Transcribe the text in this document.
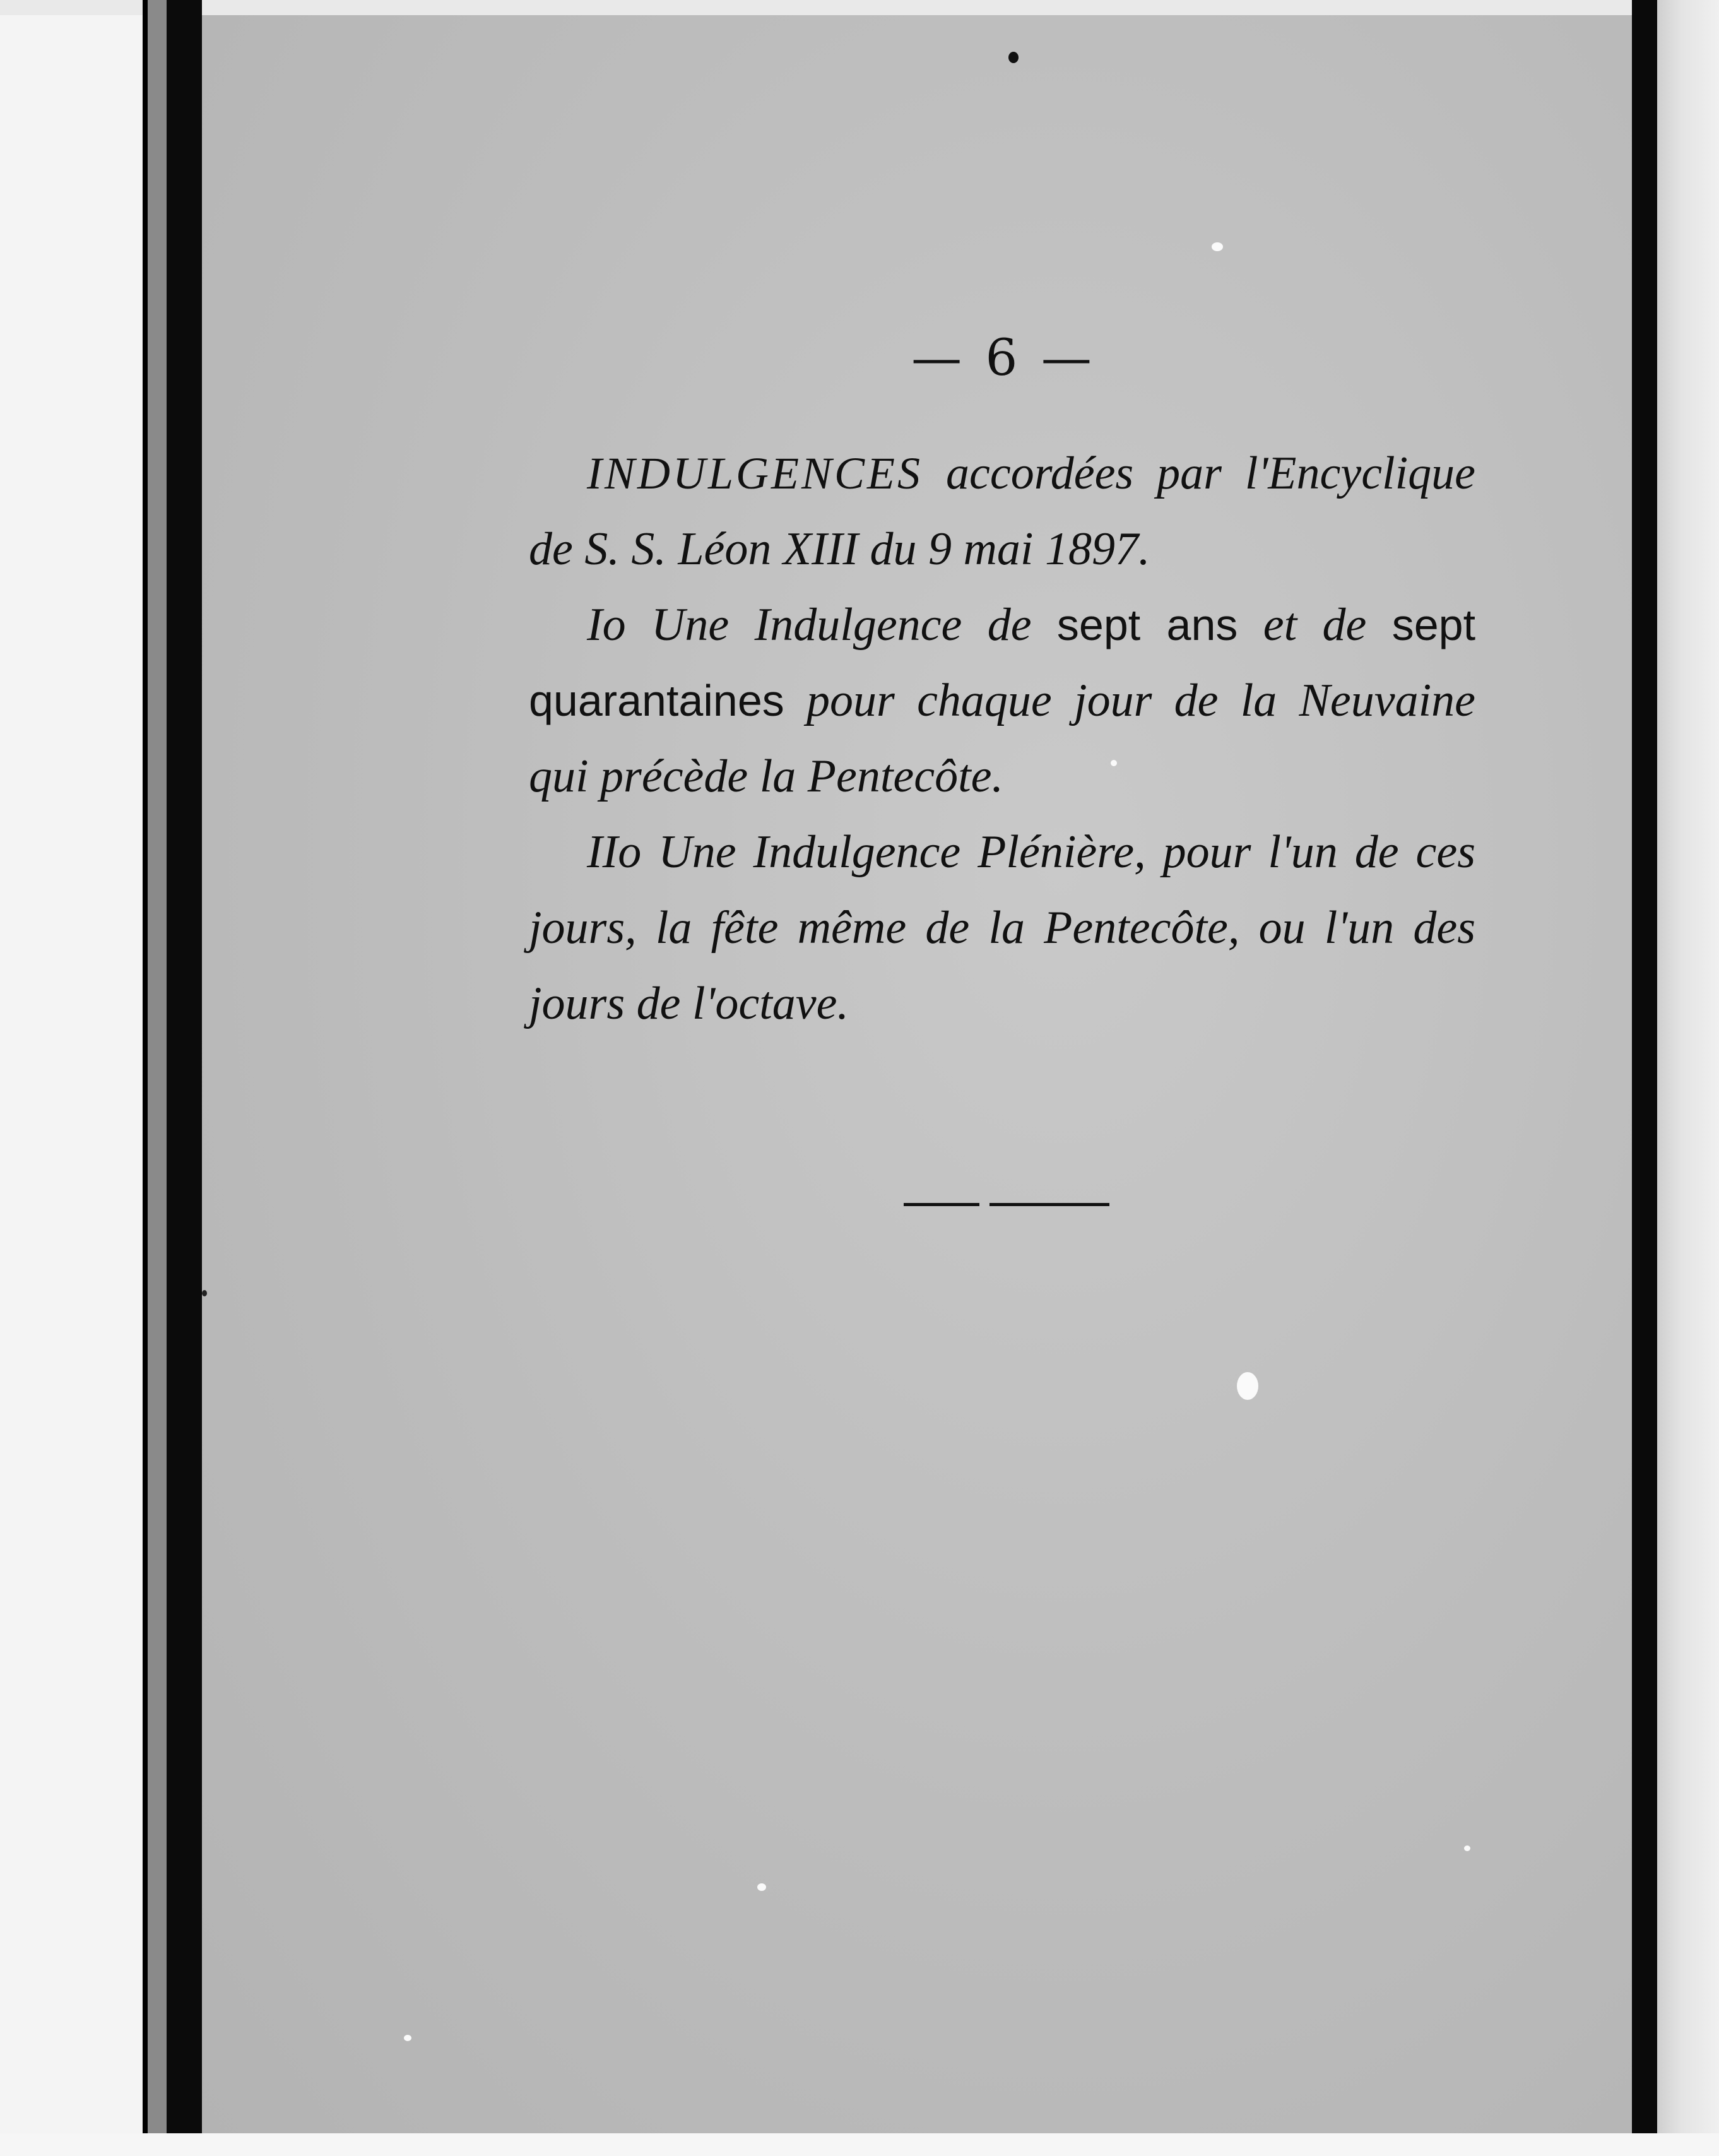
— 6 —

INDULGENCES accordées par l'Encyclique de S. S. Léon XIII du 9 mai 1897.

Io Une Indulgence de sept ans et de sept quarantaines pour chaque jour de la Neuvaine qui précède la Pentecôte.

IIo Une Indulgence Plénière, pour l'un de ces jours, la fête même de la Pentecôte, ou l'un des jours de l'octave.
